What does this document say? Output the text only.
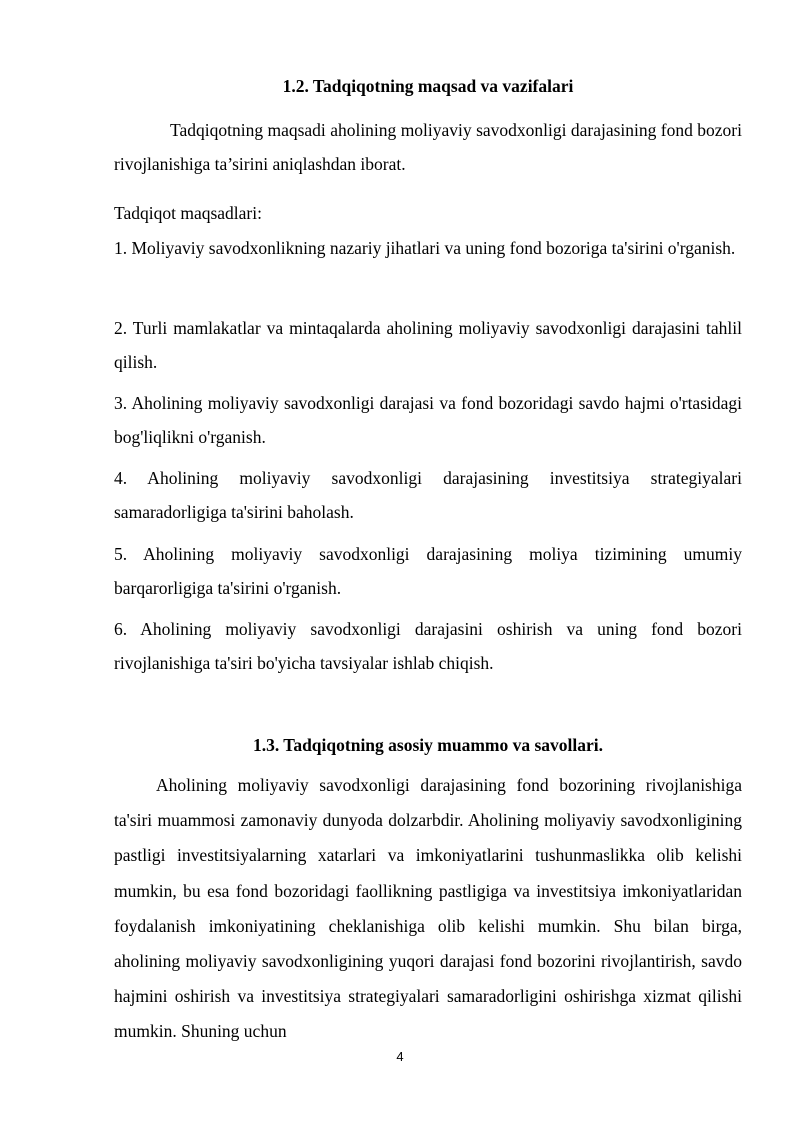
1.2. Tadqiqotning maqsad va vazifalari

Tadqiqotning maqsadi aholining moliyaviy savodxonligi darajasining fond bozori rivojlanishiga ta’sirini aniqlashdan iborat.

Tadqiqot maqsadlari:

1. Moliyaviy savodxonlikning nazariy jihatlari va uning fond bozoriga ta'sirini o'rganish.

2. Turli mamlakatlar va mintaqalarda aholining moliyaviy savodxonligi darajasini tahlil qilish.

3. Aholining moliyaviy savodxonligi darajasi va fond bozoridagi savdo hajmi o'rtasidagi bog'liqlikni o'rganish.

4. Aholining moliyaviy savodxonligi darajasining investitsiya strategiyalari samaradorligiga ta'sirini baholash.

5. Aholining moliyaviy savodxonligi darajasining moliya tizimining umumiy barqarorligiga ta'sirini o'rganish.

6. Aholining moliyaviy savodxonligi darajasini oshirish va uning fond bozori rivojlanishiga ta'siri bo'yicha tavsiyalar ishlab chiqish.

1.3. Tadqiqotning asosiy muammo va savollari.

Aholining moliyaviy savodxonligi darajasining fond bozorining rivojlanishiga ta'siri muammosi zamonaviy dunyoda dolzarbdir. Aholining moliyaviy savodxonligining pastligi investitsiyalarning xatarlari va imkoniyatlarini tushunmaslikka olib kelishi mumkin, bu esa fond bozoridagi faollikning pastligiga va investitsiya imkoniyatlaridan foydalanish imkoniyatining cheklanishiga olib kelishi mumkin. Shu bilan birga, aholining moliyaviy savodxonligining yuqori darajasi fond bozorini rivojlantirish, savdo hajmini oshirish va investitsiya strategiyalari samaradorligini oshirishga xizmat qilishi mumkin. Shuning uchun

4
